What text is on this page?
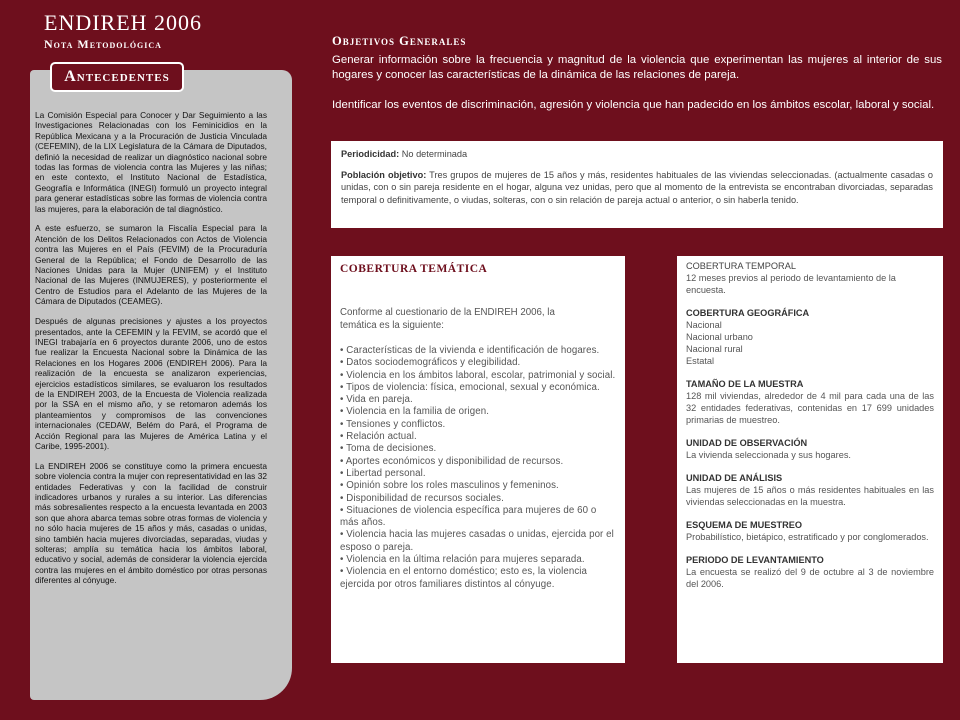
ENDIREH 2006
Nota Metodológica
Antecedentes

La Comisión Especial para Conocer y Dar Seguimiento a las Investigaciones Relacionadas con los Feminicidios en la República Mexicana y a la Procuración de Justicia Vinculada (CEFEMIN), de la LIX Legislatura de la Cámara de Diputados, definió la necesidad de realizar un diagnóstico nacional sobre todas las formas de violencia contra las Mujeres y las niñas; en este contexto, el Instituto Nacional de Estadística, Geografía e Informática (INEGI) formuló un proyecto integral para generar estadísticas sobre las formas de violencia contra las mujeres, para la elaboración de tal diagnóstico.

A este esfuerzo, se sumaron la Fiscalía Especial para la Atención de los Delitos Relacionados con Actos de Violencia contra las Mujeres en el País (FEVIM) de la Procuraduría General de la República; el Fondo de Desarrollo de las Naciones Unidas para la Mujer (UNIFEM) y el Instituto Nacional de las Mujeres (INMUJERES), y posteriormente el Centro de Estudios para el Adelanto de las Mujeres de la Cámara de Diputados (CEAMEG).

Después de algunas precisiones y ajustes a los proyectos presentados, ante la CEFEMIN y la FEVIM, se acordó que el INEGI trabajaría en 6 proyectos durante 2006, uno de estos fue realizar la Encuesta Nacional sobre la Dinámica de las Relaciones en los Hogares 2006 (ENDIREH 2006). Para la realización de la encuesta se analizaron experiencias, ejercicios estadísticos similares, se evaluaron los resultados de la ENDIREH 2003, de la Encuesta de Violencia realizada por la SSA en el mismo año, y se retomaron además los planteamientos y compromisos de las convenciones internacionales (CEDAW, Belém do Pará, el Programa de Acción Regional para las Mujeres de América Latina y el Caribe, 1995-2001).

La ENDIREH 2006 se constituye como la primera encuesta sobre violencia contra la mujer con representatividad en las 32 entidades Federativas y con la facilidad de construir indicadores urbanos y rurales a su interior. Las diferencias más sobresalientes respecto a la encuesta levantada en 2003 son que ahora abarca temas sobre otras formas de violencia y no sólo hacia mujeres de 15 años y más, casadas o unidas, sino también hacia mujeres divorciadas, separadas, viudas y solteras; amplía su temática hacia los ámbitos laboral, educativo y social, además de considerar la violencia ejercida contra las mujeres en el ámbito doméstico por otras personas diferentes al cónyuge.

Objetivos Generales
Generar información sobre la frecuencia y magnitud de la violencia que experimentan las mujeres al interior de sus hogares y conocer las características de la dinámica de las relaciones de pareja.
Identificar los eventos de discriminación, agresión y violencia que han padecido en los ámbitos escolar, laboral y social.
Periodicidad: No determinada
Población objetivo: Tres grupos de mujeres de 15 años y más, residentes habituales de las viviendas seleccionadas. (actualmente casadas o unidas, con o sin pareja residente en el hogar, alguna vez unidas, pero que al momento de la entrevista se encontraban divorciadas, separadas temporal o definitivamente, o viudas, solteras, con o sin relación de pareja actual o anterior, o sin haberla tenido.
COBERTURA TEMÁTICA
Conforme al cuestionario de la ENDIREH 2006, la temática es la siguiente:
• Características de la vivienda e identificación de hogares.
• Datos sociodemográficos y elegibilidad.
• Violencia en los ámbitos laboral, escolar, patrimonial y social.
• Tipos de violencia: física, emocional, sexual y económica.
• Vida en pareja.
• Violencia en la familia de origen.
• Tensiones y conflictos.
• Relación actual.
• Toma de decisiones.
• Aportes económicos y disponibilidad de recursos.
• Libertad personal.
• Opinión sobre los roles masculinos y femeninos.
• Disponibilidad de recursos sociales.
• Situaciones de violencia específica para mujeres de 60 o más años.
• Violencia hacia las mujeres casadas o unidas, ejercida por el esposo o pareja.
• Violencia en la última relación para mujeres separada.
• Violencia en el entorno doméstico; esto es, la violencia ejercida por otros familiares distintos al cónyuge.
COBERTURA TEMPORAL
12 meses previos al periodo de levantamiento de la encuesta.
COBERTURA GEOGRÁFICA
Nacional
Nacional urbano
Nacional rural
Estatal
TAMAÑO DE LA MUESTRA
128 mil viviendas, alrededor de 4 mil para cada una de las 32 entidades federativas, contenidas en 17 699 unidades primarias de muestreo.
UNIDAD DE OBSERVACIÓN
La vivienda seleccionada y sus hogares.
UNIDAD DE ANÁLISIS
Las mujeres de 15 años o más residentes habituales en las viviendas seleccionadas en la muestra.
ESQUEMA DE MUESTREO
Probabilístico, bietápico, estratificado y por conglomerados.
PERIODO DE LEVANTAMIENTO
La encuesta se realizó del 9 de octubre al 3 de noviembre del 2006.
